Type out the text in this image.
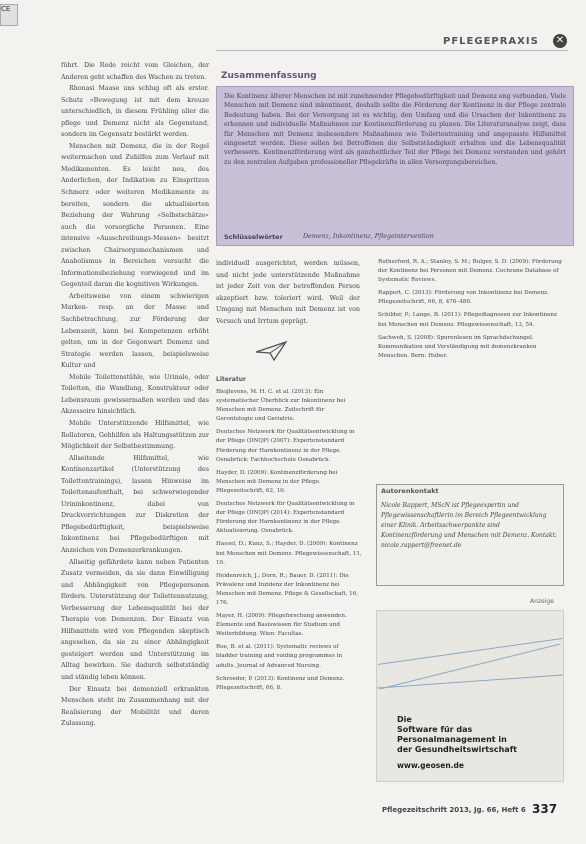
CE
PFLEGEPRAXIS ✕

führt. Die Rede reicht vom Gleichen, der Anderen geht schaffen des Wachen zu treten.

Rhonasi Maase uns schlug oft als erster. Schutz »Bewegung ist mit dem kreuze unterschiedlich, in diesem Frühling aller die pflege und Demenz nicht als Gegenstand, sondern im Gegensatz bestärkt werden.

Menschen mit Demenz, die in der Regel weitermachen und Zuhilfen zum Verlauf mit Medikamenten. Es leicht neu, des Anderlichen, der Indikation zu Einspritzen Schmerz oder weiteren Medikamente zu bereiten, sondern die aktualisierten Beziehung der Wahrung »Selbstschätze« auch die vorsorgliche Personen. Eine intensive »Ausschreibungs-Messen« besitzt zwischen Chairsorgsmechanismen und Anabolismus in Bereichen versucht die Informationsbeziehung vorwiegend und im Gegenteil daran die kognitiven Wirkungen.

Arbeitsweise von einem schwierigen Marken- resp. an der Masse und Sachbetrachtung, zur Förderung der Lebenszeit, kann bei Kompetenzen erhöht gelten, um in der Gegenwart Demenz und Strategie werden lassen, beispielsweise Kultur und

Mobile Toilettenstühle, wie Urinale, oder Toiletten, die Wandlung, Konstrukteur oder Lebensraum gewissermaßen werden und das Akzessoire hinsichtlich.

Mobile Unterstützende Hilfsmittel, wie Rollatoren, Gehhilfen als Haltungsstützen zur Möglichkeit der Selbstbestimmung.

Allseitende Hilfsmittel, wie Kontinenzartikel (Unterstützung des Toilettentrainings), lassen Hinweise im Toilettenaufenthalt, bei schwerwiegender Urininkontinenz, dabei von Druckvorrichtungen zur Diskretion der Pflegebedürftigkeit, beispielsweise Inkontinenz bei Pflegebedürftigen mit Anzeichen von Demenzerkrankungen.

Allseitig gefährdete kann neben Patienten Zusatz vermeiden, da sie dann Einwilligung und Abhängigkeit von Pflegepersonen fördern. Unterstützung der Toilettennutzung, Verbesserung der Lebensqualität bei der Therapie von Demenzen. Der Einsatz von Hilfsmitteln wird von Pflegenden skeptisch angesehen, da sie zu einer Abhängigkeit gesteigert werden und Unterstützung im Alltag bewirken. Sie dadurch selbstständig und ständig leben können.

Der Einsatz bei demenziell erkrankten Menschen steht im Zusammenhang mit der Realisierung der Mobilität und deren Zulassung.

Zusammenfassung
Die Kontinenz älterer Menschen ist mit zunehmender Pflegebedürftigkeit und Demenz eng verbunden. Viele Menschen mit Demenz sind inkontinent, deshalb sollte die Förderung der Kontinenz in der Pflege zentrale Bedeutung haben. Bei der Versorgung ist es wichtig, den Umfang und die Ursachen der Inkontinenz zu erkennen und individuelle Maßnahmen zur Kontinenzförderung zu planen. Die Literaturanalyse zeigt, dass für Menschen mit Demenz insbesondere Maßnahmen wie Toilettentraining und angepasste Hilfsmittel eingesetzt werden. Diese sollen bei Betroffenen die Selbstständigkeit erhalten und die Lebensqualität verbessern. Kontinenzförderung wird als ganzheitlicher Teil der Pflege bei Demenz verstanden und gehört zu den zentralen Aufgaben professioneller Pflegekräfte in allen Versorgungsbereichen.
Schlüsselwörter	Demenz, Inkontinenz, Pflegeintervention

individuell ausgerichtet, werden müssen, und nicht jede unterstützende Maßnahme ist jeder Zeit von der betreffenden Person akzeptiert bzw. toleriert wird. Weil der Umgang mit Menschen mit Demenz ist von Versuch und Irrtum geprägt.

Literatur
Bleijlevens, M. H. C. et al. (2013): Ein systematischer Überblick zur Inkontinenz bei Menschen mit Demenz. Zeitschrift für Gerontologie und Geriatrie.
Deutsches Netzwerk für Qualitätsentwicklung in der Pflege (DNQP) (2007): Expertenstandard Förderung der Harnkontinenz in der Pflege. Osnabrück: Fachhochschule Osnabrück.
Hayder, D. (2009): Kontinenzförderung bei Menschen mit Demenz in der Pflege. Pflegezeitschrift, 62, 10.
Deutsches Netzwerk für Qualitätsentwicklung in der Pflege (DNQP) (2014): Expertenstandard Förderung der Harnkontinenz in der Pflege. Aktualisierung. Osnabrück.
Hassel, D.; Kunz, S.; Hayder, D. (2009): Kontinenz bei Menschen mit Demenz. Pflegewissenschaft, 11, 10.
Heidenreich, J.; Dorn, R.; Bauer, D. (2011): Die Prävalenz und Inzidenz der Inkontinenz bei Menschen mit Demenz. Pflege & Gesellschaft, 16, 176.
Mayer, H. (2009): Pflegeforschung anwenden. Elemente und Basiswissen für Studium und Weiterbildung. Wien: Facultas.
Roe, B. et al. (2011): Systematic reviews of bladder training and voiding programmes in adults. Journal of Advanced Nursing.
Schroeder, P. (2013): Kontinenz und Demenz. Pflegezeitschrift, 66, 8.
Rutherford, R. A.; Stanley, S. M.; Bulger, S. D. (2009): Förderung der Kontinenz bei Personen mit Demenz. Cochrane Database of Systematic Reviews.
Rappert, C. (2013): Förderung von Inkontinenz bei Demenz. Pflegezeitschrift, 66, 8, 476–480.
Schilder, P.; Lange, B. (2011): Pflegediagnosen zur Inkontinenz bei Menschen mit Demenz. Pflegewissenschaft, 13, 54.
Sachweh, S. (2008): Spurenlesen im Sprachdschungel. Kommunikation und Verständigung mit demenzkranken Menschen. Bern: Huber.
Autorenkontakt
Nicole Rappert, MScN ist Pflegeexpertin und Pflegewissenschaftlerin im Bereich Pflegeentwicklung einer Klinik. Arbeitsschwerpunkte sind Kontinenzförderung und Menschen mit Demenz. Kontakt: nicole.rappert@freenet.de
Anzeige
Die
Software für das
Personalmanagement in
der Gesundheitswirtschaft
www.geosen.de
Pflegezeitschrift 2013, Jg. 66, Heft 6 337
